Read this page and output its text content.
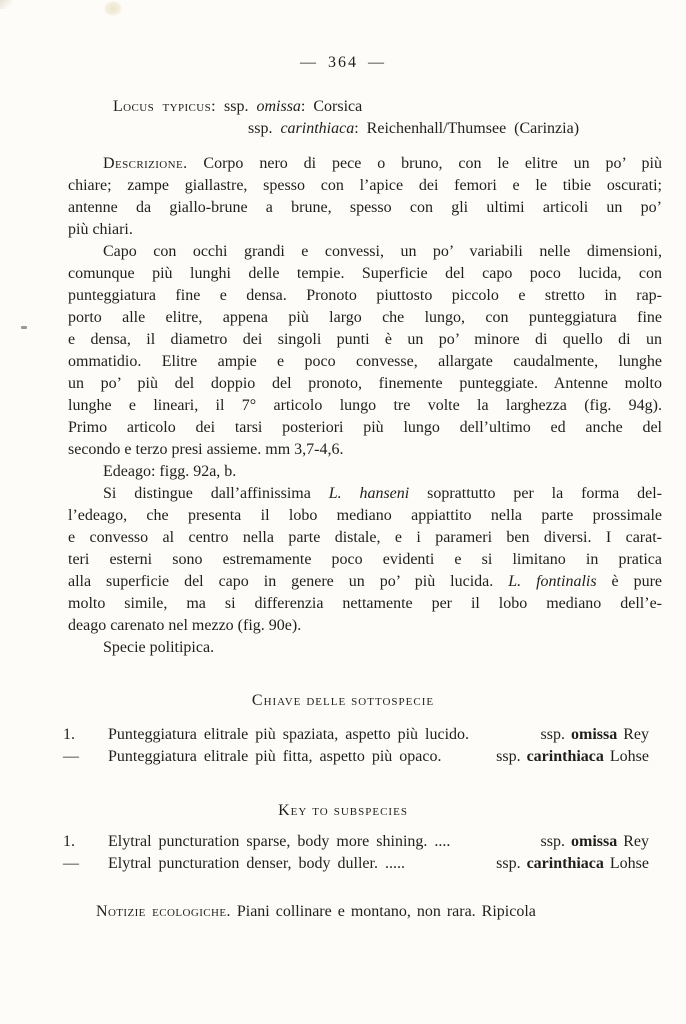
— 364 —
Locus typicus: ssp. omissa: Corsica
ssp. carinthiaca: Reichenhall/Thumsee (Carinzia)
Descrizione. Corpo nero di pece o bruno, con le elitre un po’ più
chiare; zampe giallastre, spesso con l’apice dei femori e le tibie oscurati;
antenne da giallo-brune a brune, spesso con gli ultimi articoli un po’
più chiari.
Capo con occhi grandi e convessi, un po’ variabili nelle dimensioni,
comunque più lunghi delle tempie. Superficie del capo poco lucida, con
punteggiatura fine e densa. Pronoto piuttosto piccolo e stretto in rap-
porto alle elitre, appena più largo che lungo, con punteggiatura fine
e densa, il diametro dei singoli punti è un po’ minore di quello di un
ommatidio. Elitre ampie e poco convesse, allargate caudalmente, lunghe
un po’ più del doppio del pronoto, finemente punteggiate. Antenne molto
lunghe e lineari, il 7° articolo lungo tre volte la larghezza (fig. 94g).
Primo articolo dei tarsi posteriori più lungo dell’ultimo ed anche del
secondo e terzo presi assieme. mm 3,7-4,6.
Edeago: figg. 92a, b.
Si distingue dall’affinissima L. hanseni soprattutto per la forma del-
l’edeago, che presenta il lobo mediano appiattito nella parte prossimale
e convesso al centro nella parte distale, e i parameri ben diversi. I carat-
teri esterni sono estremamente poco evidenti e si limitano in pratica
alla superficie del capo in genere un po’ più lucida. L. fontinalis è pure
molto simile, ma si differenzia nettamente per il lobo mediano dell’e-
deago carenato nel mezzo (fig. 90e).
Specie politipica.
Chiave delle sottospecie
1.	Punteggiatura elitrale più spaziata, aspetto più lucido.	ssp. omissa Rey
—	Punteggiatura elitrale più fitta, aspetto più opaco.	ssp. carinthiaca Lohse
Key to subspecies
1.	Elytral puncturation sparse, body more shining. ....	ssp. omissa Rey
—	Elytral puncturation denser, body duller. .....	ssp. carinthiaca Lohse
Notizie ecologiche. Piani collinare e montano, non rara. Ripicola
